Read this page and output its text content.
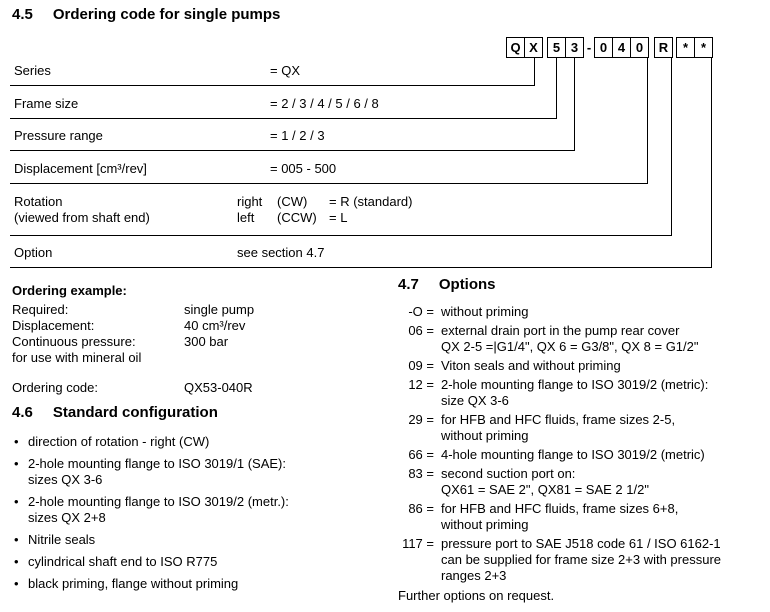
4.5 Ordering code for single pumps
Q X	5 3 - 0 4 0	R	* *
Series	= QX
Frame size	= 2 / 3 / 4 / 5 / 6 / 8
Pressure range	= 1 / 2 / 3
Displacement [cm³/rev]	= 005 - 500
Rotation
(viewed from shaft end)
right	(CW)	= R (standard)
left	(CCW) = L
Option	see section 4.7
Ordering example:
Required:	single pump
Displacement:	40 cm³/rev
Continuous pressure:	300 bar
for use with mineral oil
Ordering code:	QX53-040R
4.6 Standard configuration
• direction of rotation - right (CW)
• 2-hole mounting flange to ISO 3019/1 (SAE):
sizes QX 3-6
• 2-hole mounting flange to ISO 3019/2 (metr.):
sizes QX 2+8
• Nitrile seals
• cylindrical shaft end to ISO R775
• black priming, flange without priming
4.7 Options
-O = without priming
06 = external drain port in the pump rear cover
QX 2-5 =|G1/4", QX 6 = G3/8", QX 8 = G1/2"
09 = Viton seals and without priming
12 = 2-hole mounting flange to ISO 3019/2 (metric):
size QX 3-6
29 = for HFB and HFC fluids, frame sizes 2-5,
without priming
66 = 4-hole mounting flange to ISO 3019/2 (metric)
83 = second suction port on:
QX61 = SAE 2", QX81 = SAE 2 1/2"
86 = for HFB and HFC fluids, frame sizes 6+8,
without priming
117 = pressure port to SAE J518 code 61 / ISO 6162-1
can be supplied for frame size 2+3 with pressure
ranges 2+3
Further options on request.
